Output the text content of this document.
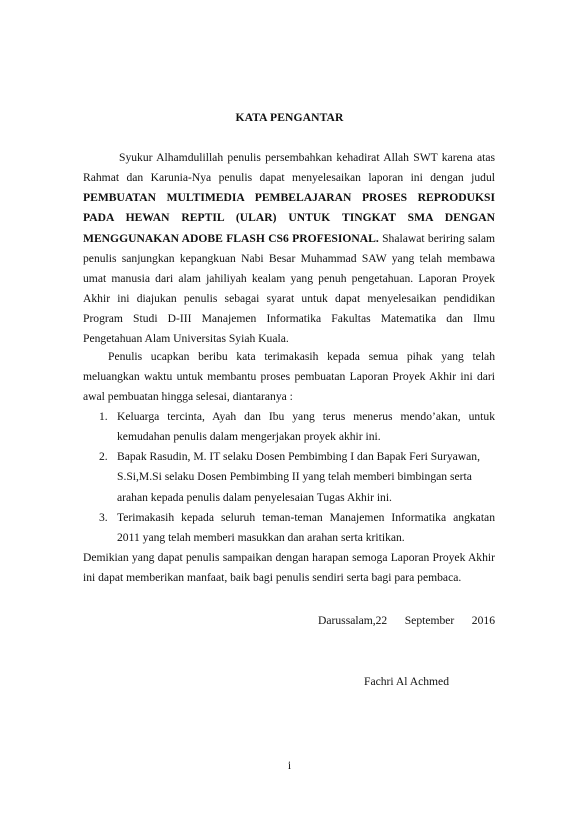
KATA PENGANTAR
Syukur Alhamdulillah penulis persembahkan kehadirat Allah SWT karena atas Rahmat dan Karunia-Nya penulis dapat menyelesaikan laporan ini dengan judul PEMBUATAN MULTIMEDIA PEMBELAJARAN PROSES REPRODUKSI PADA HEWAN REPTIL (ULAR) UNTUK TINGKAT SMA DENGAN MENGGUNAKAN ADOBE FLASH CS6 PROFESIONAL. Shalawat beriring salam penulis sanjungkan kepangkuan Nabi Besar Muhammad SAW yang telah membawa umat manusia dari alam jahiliyah kealam yang penuh pengetahuan. Laporan Proyek Akhir ini diajukan penulis sebagai syarat untuk dapat menyelesaikan pendidikan Program Studi D-III Manajemen Informatika Fakultas Matematika dan Ilmu Pengetahuan Alam Universitas Syiah Kuala.
Penulis ucapkan beribu kata terimakasih kepada semua pihak yang telah meluangkan waktu untuk membantu proses pembuatan Laporan Proyek Akhir ini dari awal pembuatan hingga selesai, diantaranya :
1. Keluarga tercinta, Ayah dan Ibu yang terus menerus mendo’akan, untuk kemudahan penulis dalam mengerjakan proyek akhir ini.
2. Bapak Rasudin, M. IT selaku Dosen Pembimbing I dan Bapak Feri Suryawan, S.Si,M.Si selaku Dosen Pembimbing II yang telah memberi bimbingan serta arahan kepada penulis dalam penyelesaian Tugas Akhir ini.
3. Terimakasih kepada seluruh teman-teman Manajemen Informatika angkatan 2011 yang telah memberi masukkan dan arahan serta kritikan.
Demikian yang dapat penulis sampaikan dengan harapan semoga Laporan Proyek Akhir ini dapat memberikan manfaat, baik bagi penulis sendiri serta bagi para pembaca.
Darussalam,22 September 2016
Fachri Al Achmed
i
